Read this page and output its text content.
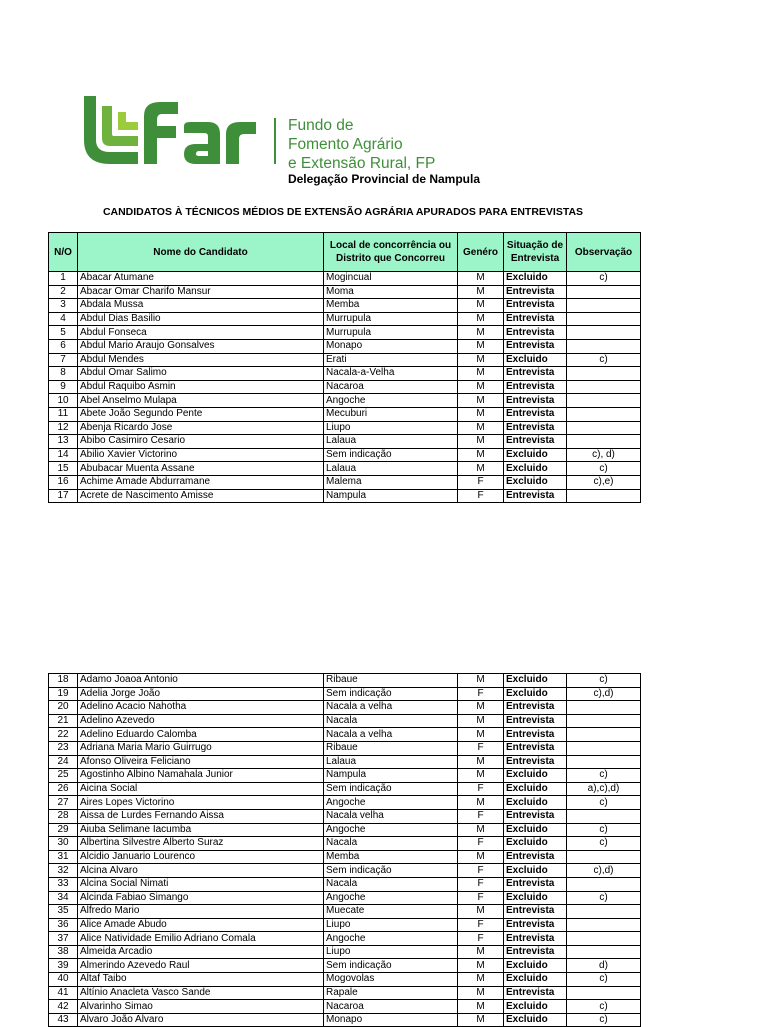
Fundo de
Fomento Agrário
e Extensão Rural, FP
Delegação Provincial de Nampula
CANDIDATOS À TÉCNICOS MÉDIOS DE EXTENSÃO AGRÁRIA APURADOS PARA ENTREVISTAS
N/O	Nome do Candidato	Local de concorrência ou Distrito que Concorreu	Genéro	Situação de Entrevista	Observação
1	Abacar Atumane	Mogincual	M	Excluido	c)
2	Abacar Omar Charifo Mansur	Moma	M	Entrevista	
3	Abdala Mussa	Memba	M	Entrevista	
4	Abdul Dias Basilio	Murrupula	M	Entrevista	
5	Abdul Fonseca	Murrupula	M	Entrevista	
6	Abdul Mario Araujo Gonsalves	Monapo	M	Entrevista	
7	Abdul Mendes	Erati	M	Excluido	c)
8	Abdul Omar Salimo	Nacala-a-Velha	M	Entrevista	
9	Abdul Raquibo Asmin	Nacaroa	M	Entrevista	
10	Abel Anselmo Mulapa	Angoche	M	Entrevista	
11	Abete João Segundo Pente	Mecuburi	M	Entrevista	
12	Abenja Ricardo Jose	Liupo	M	Entrevista	
13	Abibo Casimiro Cesario	Lalaua	M	Entrevista	
14	Abilio Xavier Victorino	Sem indicação	M	Excluido	c), d)
15	Abubacar Muenta Assane	Lalaua	M	Excluido	c)
16	Achime Amade Abdurramane	Malema	F	Excluido	c),e)
17	Acrete de Nascimento Amisse	Nampula	F	Entrevista	
18	Adamo Joaoa Antonio	Ribaue	M	Excluido	c)
19	Adelia Jorge João	Sem indicação	F	Excluido	c),d)
20	Adelino Acacio Nahotha	Nacala a velha	M	Entrevista	
21	Adelino Azevedo	Nacala	M	Entrevista	
22	Adelino Eduardo Calomba	Nacala a velha	M	Entrevista	
23	Adriana Maria Mario Guirrugo	Ribaue	F	Entrevista	
24	Afonso Oliveira Feliciano	Lalaua	M	Entrevista	
25	Agostinho Albino Namahala Junior	Nampula	M	Excluido	c)
26	Aicina Social	Sem indicação	F	Excluido	a),c),d)
27	Aires Lopes Victorino	Angoche	M	Excluido	c)
28	Aissa de Lurdes Fernando Aissa	Nacala velha	F	Entrevista	
29	Aiuba Selimane Iacumba	Angoche	M	Excluido	c)
30	Albertina Silvestre Alberto Suraz	Nacala	F	Excluido	c)
31	Alcidio Januario Lourenco	Memba	M	Entrevista	
32	Alcina Alvaro	Sem indicação	F	Excluido	c),d)
33	Alcina Social Nimati	Nacala	F	Entrevista	
34	Alcinda Fabiao Simango	Angoche	F	Excluido	c)
35	Alfredo Mario	Muecate	M	Entrevista	
36	Alice Amade Abudo	Liupo	F	Entrevista	
37	Alice Natividade Emilio Adriano Comala	Angoche	F	Entrevista	
38	Almeida Arcadio	Liupo	M	Entrevista	
39	Almerindo Azevedo Raul	Sem indicação	M	Excluido	d)
40	Altaf Taibo	Mogovolas	M	Excluido	c)
41	Altínio Anacleta Vasco Sande	Rapale	M	Entrevista	
42	Alvarinho Simao	Nacaroa	M	Excluido	c)
43	Alvaro João Alvaro	Monapo	M	Excluido	c)
